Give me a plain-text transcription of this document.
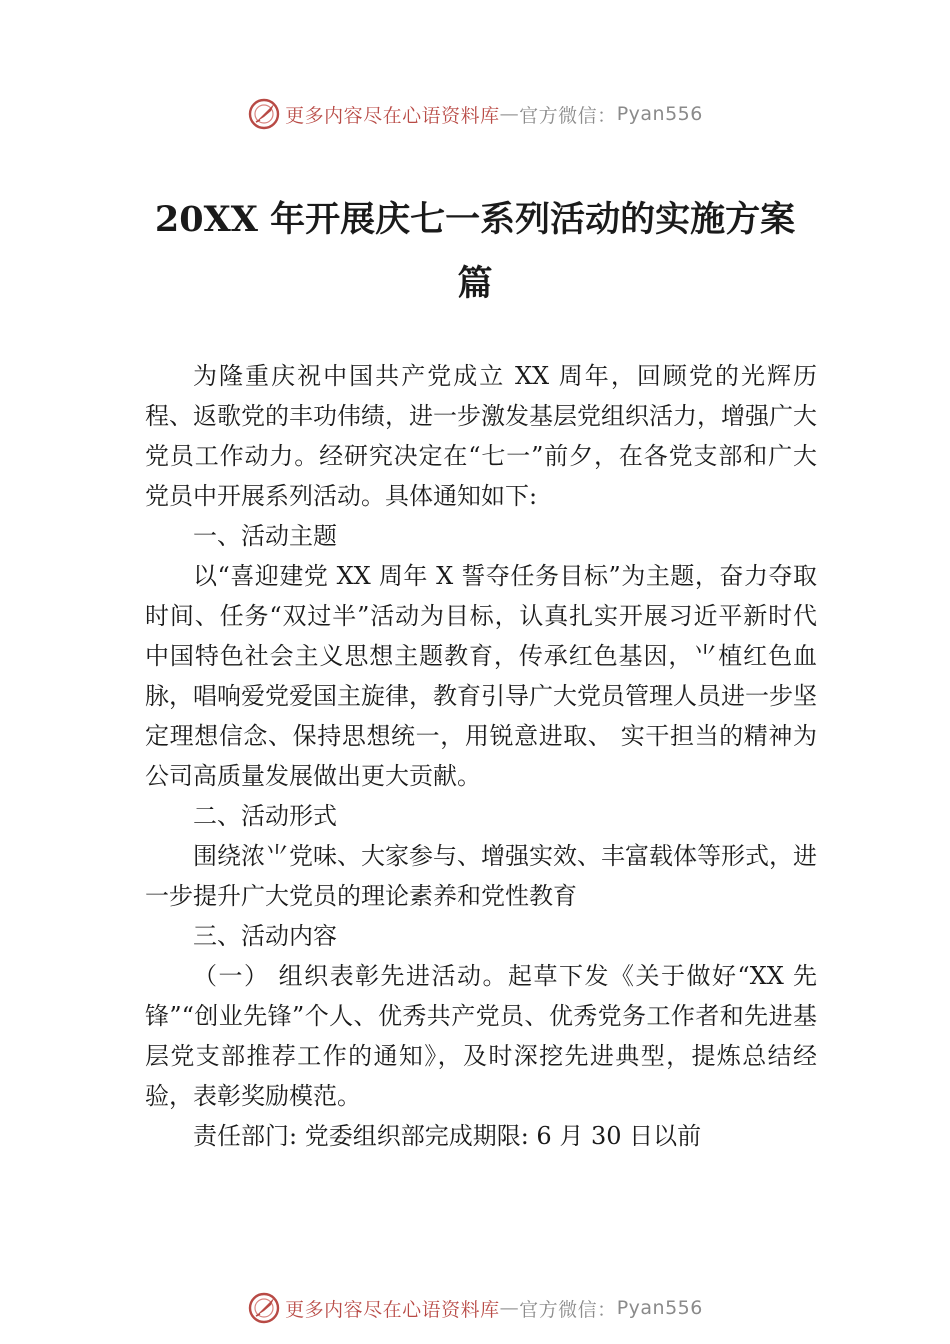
更多内容尽在心语资料库 — 官方微信： Pyan556
20XX 年开展庆七一系列活动的实施方案
篇

为隆重庆祝中国共产党成立 XX 周年，回顾党的光辉历程、返歌党的丰功伟绩，进一步激发基层党组织活力，增强广大党员工作动力。经研究决定在“七一”前夕，在各党支部和广大党员中开展系列活动。具体通知如下:

一、活动主题

以“喜迎建党 XX 周年 X 誓夺任务目标”为主题，奋力夺取时间、任务“双过半”活动为目标，认真扎实开展习近平新时代中国特色社会主义思想主题教育，传承红色基因，⺌植红色血脉，唱响爱党爱国主旋律，教育引导广大党员管理人员进一步坚定理想信念、保持思想统一，用锐意进取、 实干担当的精神为公司高质量发展做出更大贡献。

二、活动形式

围绕浓⺌党味、大家参与、增强实效、丰富载体等形式，进一步提升广大党员的理论素养和党性教育

三、活动内容

（一） 组织表彰先进活动。起草下发《关于做好“XX 先锋”“创业先锋”个人、优秀共产党员、优秀党务工作者和先进基层党支部推荐工作的通知》，及时深挖先进典型，提炼总结经验，表彰奖励模范。

责任部门: 党委组织部完成期限: 6 月 30 日以前

更多内容尽在心语资料库 — 官方微信： Pyan556
